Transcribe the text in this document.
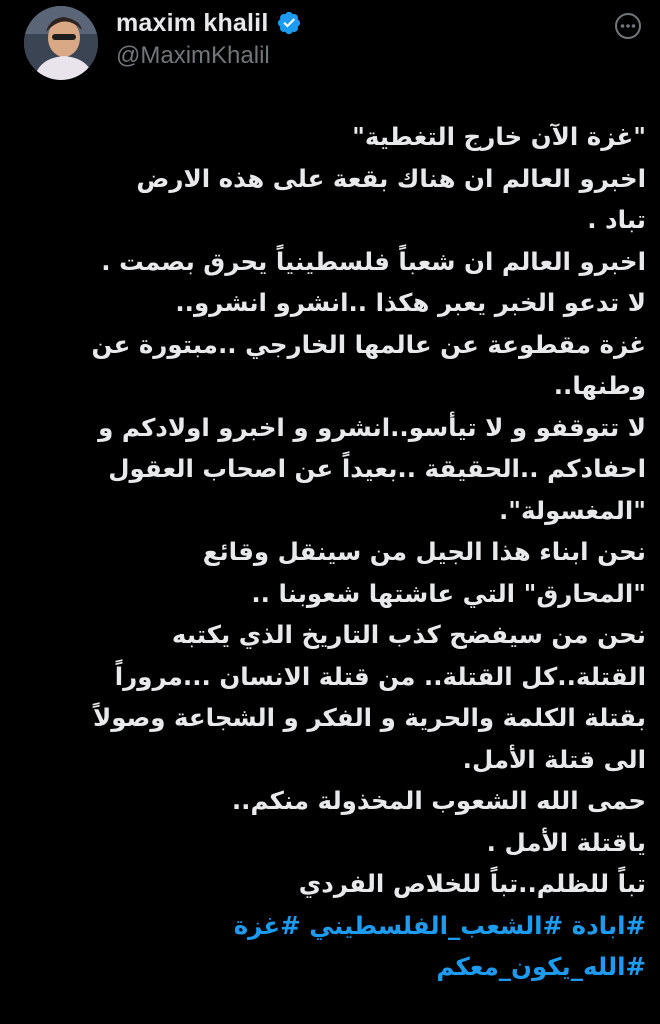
maxim khalil
@MaximKhalil
"غزة الآن خارج التغطية"
اخبرو العالم ان هناك بقعة على هذه الارض
تباد .
اخبرو العالم ان شعباً فلسطينياً يحرق بصمت .
لا تدعو الخبر يعبر هكذا ..انشرو انشرو..
غزة مقطوعة عن عالمها الخارجي ..مبتورة عن
وطنها..
لا تتوقفو و لا تيأسو..انشرو و اخبرو اولادكم و
احفادكم ..الحقيقة ..بعيداً عن اصحاب العقول
"المغسولة".
نحن ابناء هذا الجيل من سينقل وقائع
"المحارق" التي عاشتها شعوبنا ..
نحن من سيفضح كذب التاريخ الذي يكتبه
القتلة..كل القتلة.. من قتلة الانسان ...مروراً
بقتلة الكلمة والحرية و الفكر و الشجاعة وصولاً
الى قتلة الأمل.
حمى الله الشعوب المخذولة منكم..
ياقتلة الأمل .
تباً للظلم..تباً للخلاص الفردي
#ابادة #الشعب_الفلسطيني #غزة
#الله_يكون_معكم
